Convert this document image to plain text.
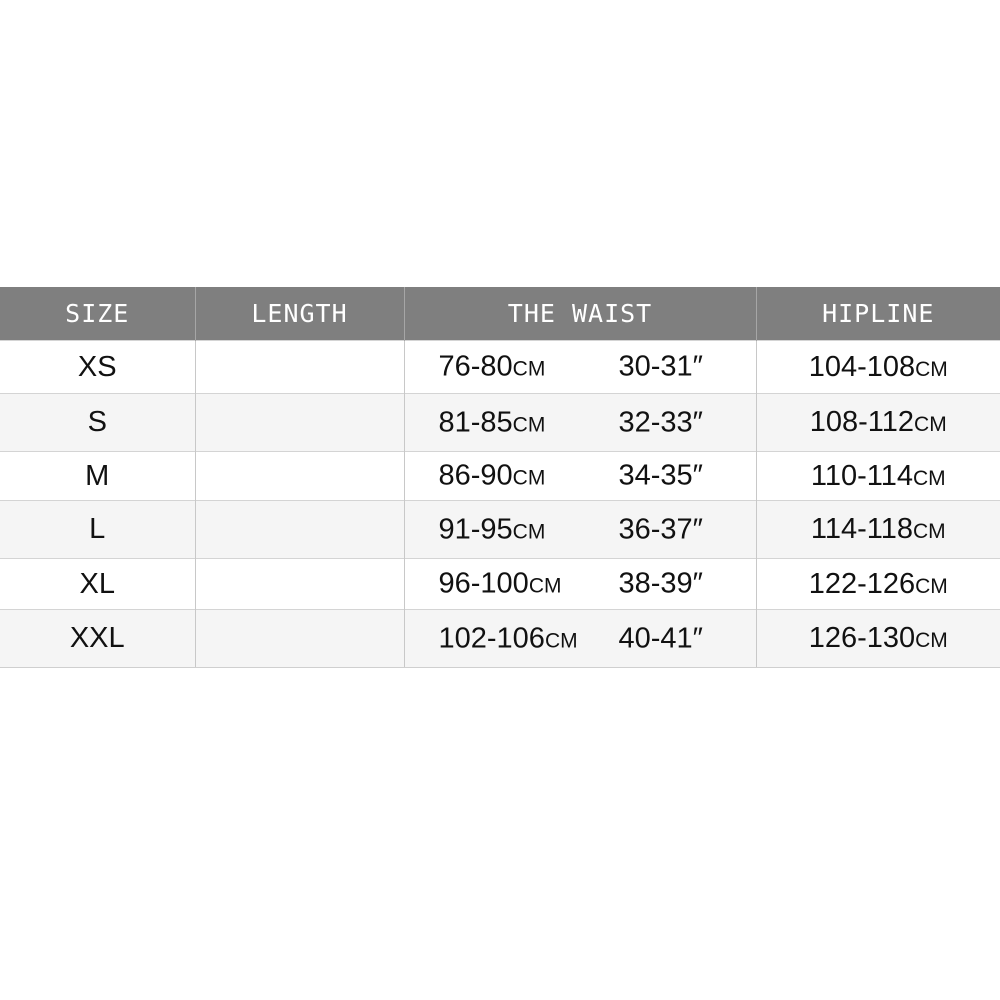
SIZE	LENGTH	THE WAIST	HIPLINE
XS		76-80CM 30-31″	104-108CM
S		81-85CM 32-33″	108-112CM
M		86-90CM 34-35″	110-114CM
L		91-95CM 36-37″	114-118CM
XL		96-100CM 38-39″	122-126CM
XXL		102-106CM 40-41″	126-130CM
